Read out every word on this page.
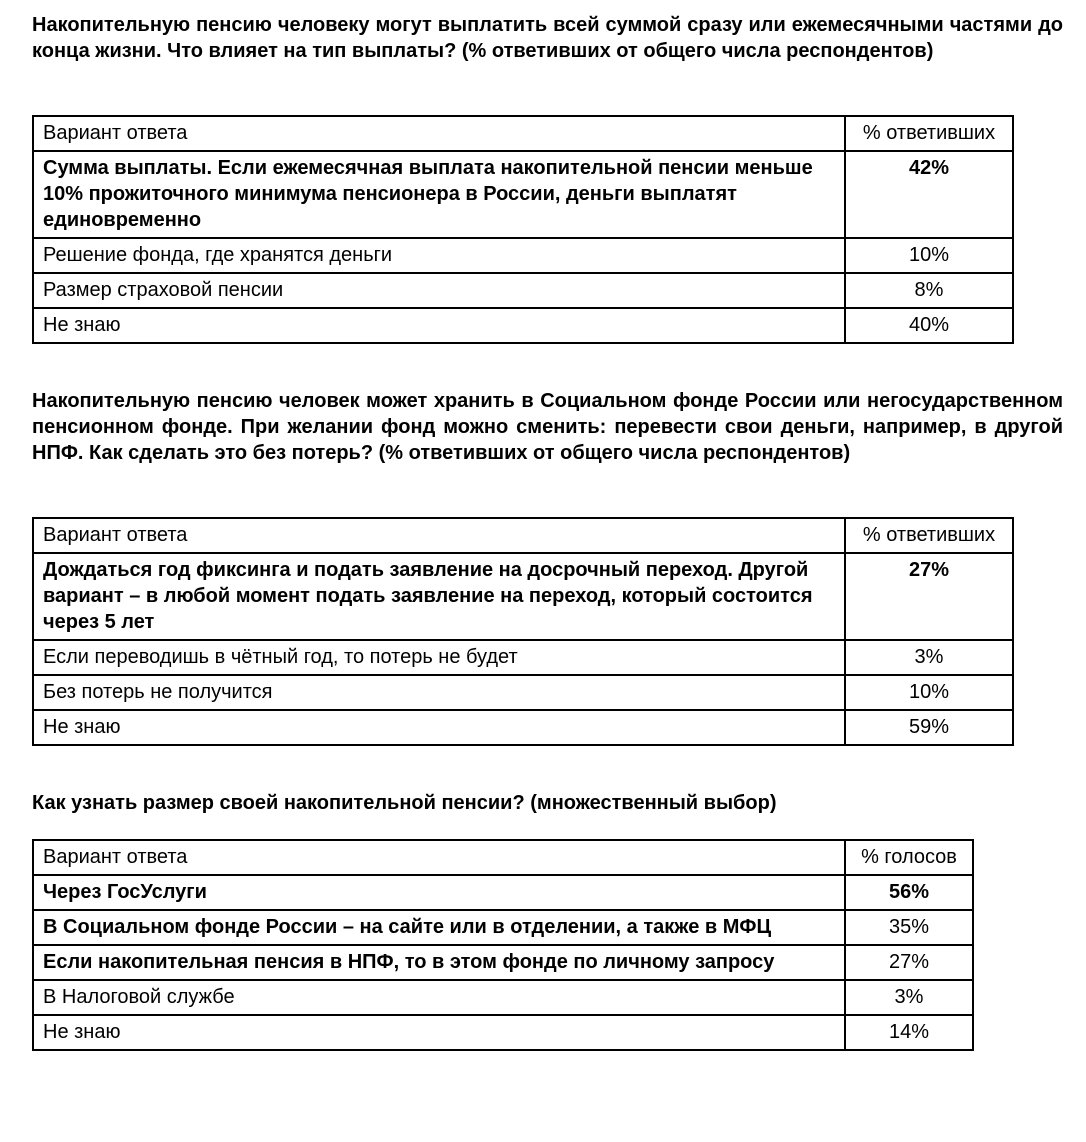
Накопительную пенсию человеку могут выплатить всей суммой сразу или ежемесячными частями до конца жизни. Что влияет на тип выплаты? (% ответивших от общего числа респондентов)

Вариант ответа	% ответивших
Сумма выплаты. Если ежемесячная выплата накопительной пенсии меньше 10% прожиточного минимума пенсионера в России, деньги выплатят единовременно	42%
Решение фонда, где хранятся деньги	10%
Размер страховой пенсии	8%
Не знаю	40%

Накопительную пенсию человек может хранить в Социальном фонде России или негосударственном пенсионном фонде. При желании фонд можно сменить: перевести свои деньги, например, в другой НПФ. Как сделать это без потерь? (% ответивших от общего числа респондентов)

Вариант ответа	% ответивших
Дождаться год фиксинга и подать заявление на досрочный переход. Другой вариант – в любой момент подать заявление на переход, который состоится через 5 лет	27%
Если переводишь в чётный год, то потерь не будет	3%
Без потерь не получится	10%
Не знаю	59%

Как узнать размер своей накопительной пенсии? (множественный выбор)

Вариант ответа	% голосов
Через ГосУслуги	56%
В Социальном фонде России – на сайте или в отделении, а также в МФЦ	35%
Если накопительная пенсия в НПФ, то в этом фонде по личному запросу	27%
В Налоговой службе	3%
Не знаю	14%
